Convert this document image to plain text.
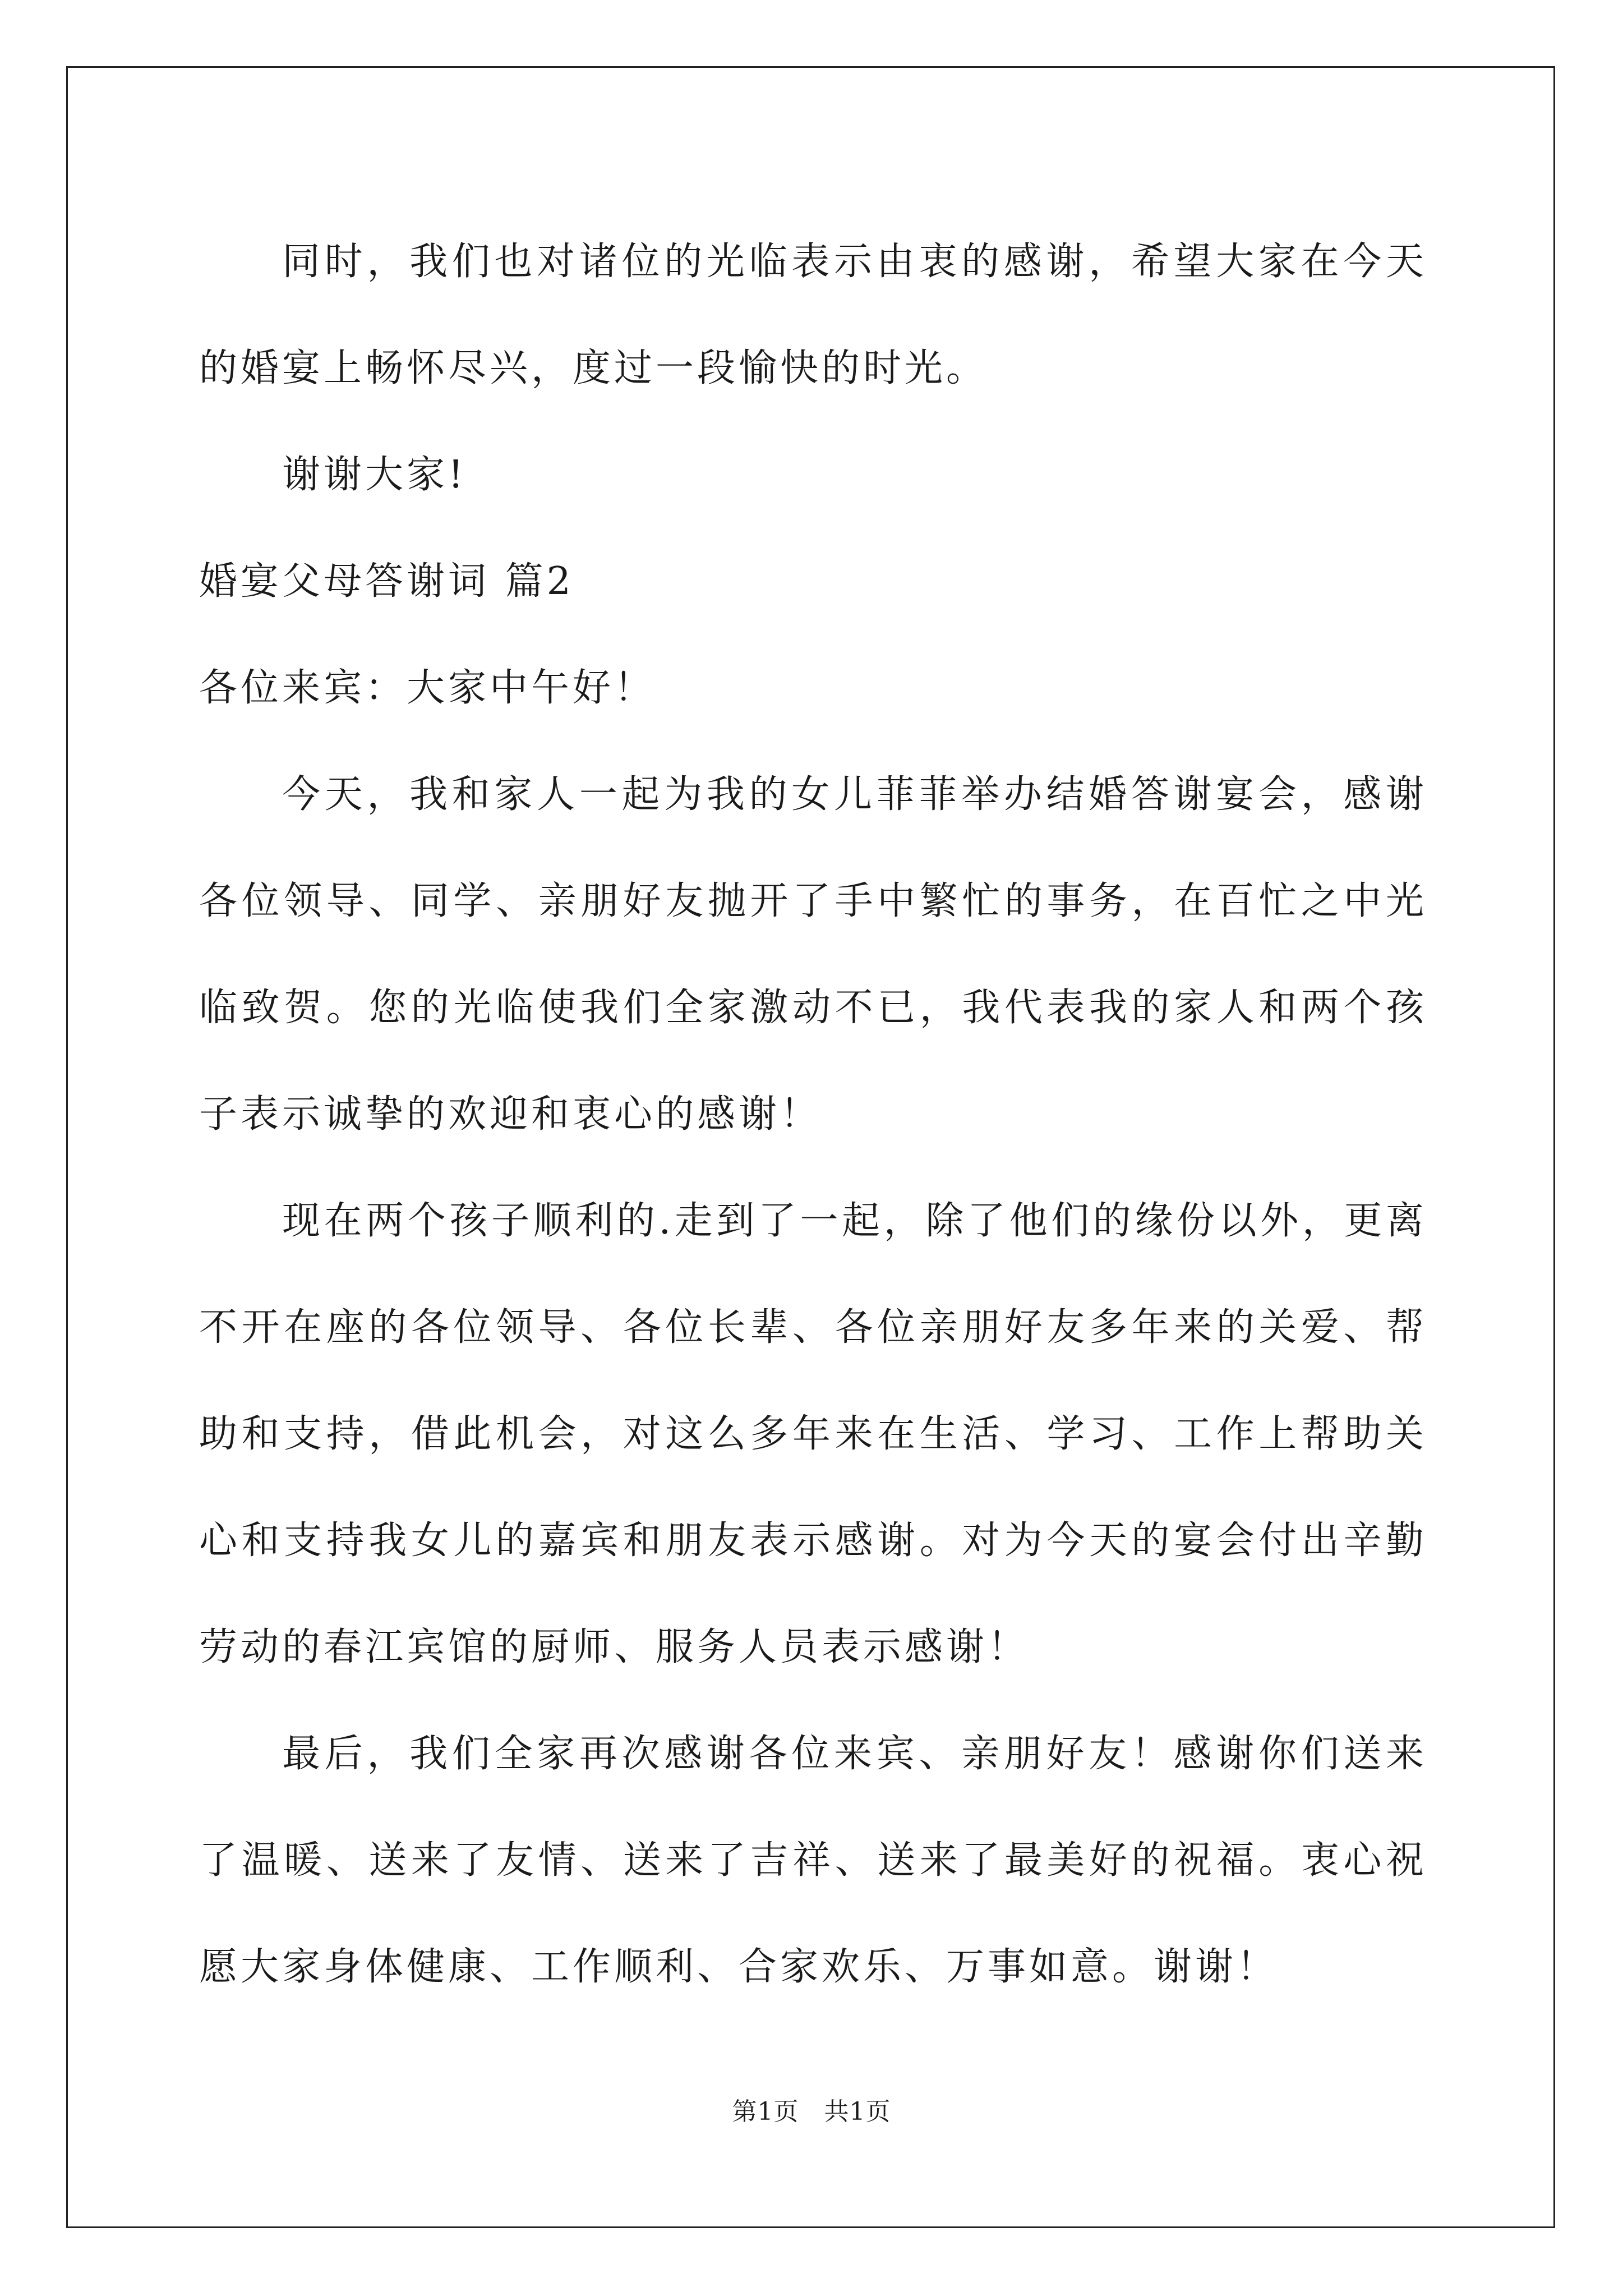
同时，我们也对诸位的光临表示由衷的感谢，希望大家在今天的婚宴上畅怀尽兴，度过一段愉快的时光。

谢谢大家!

婚宴父母答谢词 篇2

各位来宾：大家中午好！

今天，我和家人一起为我的女儿菲菲举办结婚答谢宴会，感谢各位领导、同学、亲朋好友抛开了手中繁忙的事务，在百忙之中光临致贺。您的光临使我们全家激动不已，我代表我的家人和两个孩子表示诚挚的欢迎和衷心的感谢！

现在两个孩子顺利的.走到了一起，除了他们的缘份以外，更离不开在座的各位领导、各位长辈、各位亲朋好友多年来的关爱、帮助和支持，借此机会，对这么多年来在生活、学习、工作上帮助关心和支持我女儿的嘉宾和朋友表示感谢。对为今天的宴会付出辛勤劳动的春江宾馆的厨师、服务人员表示感谢！

最后，我们全家再次感谢各位来宾、亲朋好友！感谢你们送来了温暖、送来了友情、送来了吉祥、送来了最美好的祝福。衷心祝愿大家身体健康、工作顺利、合家欢乐、万事如意。谢谢！

第1页 共1页
